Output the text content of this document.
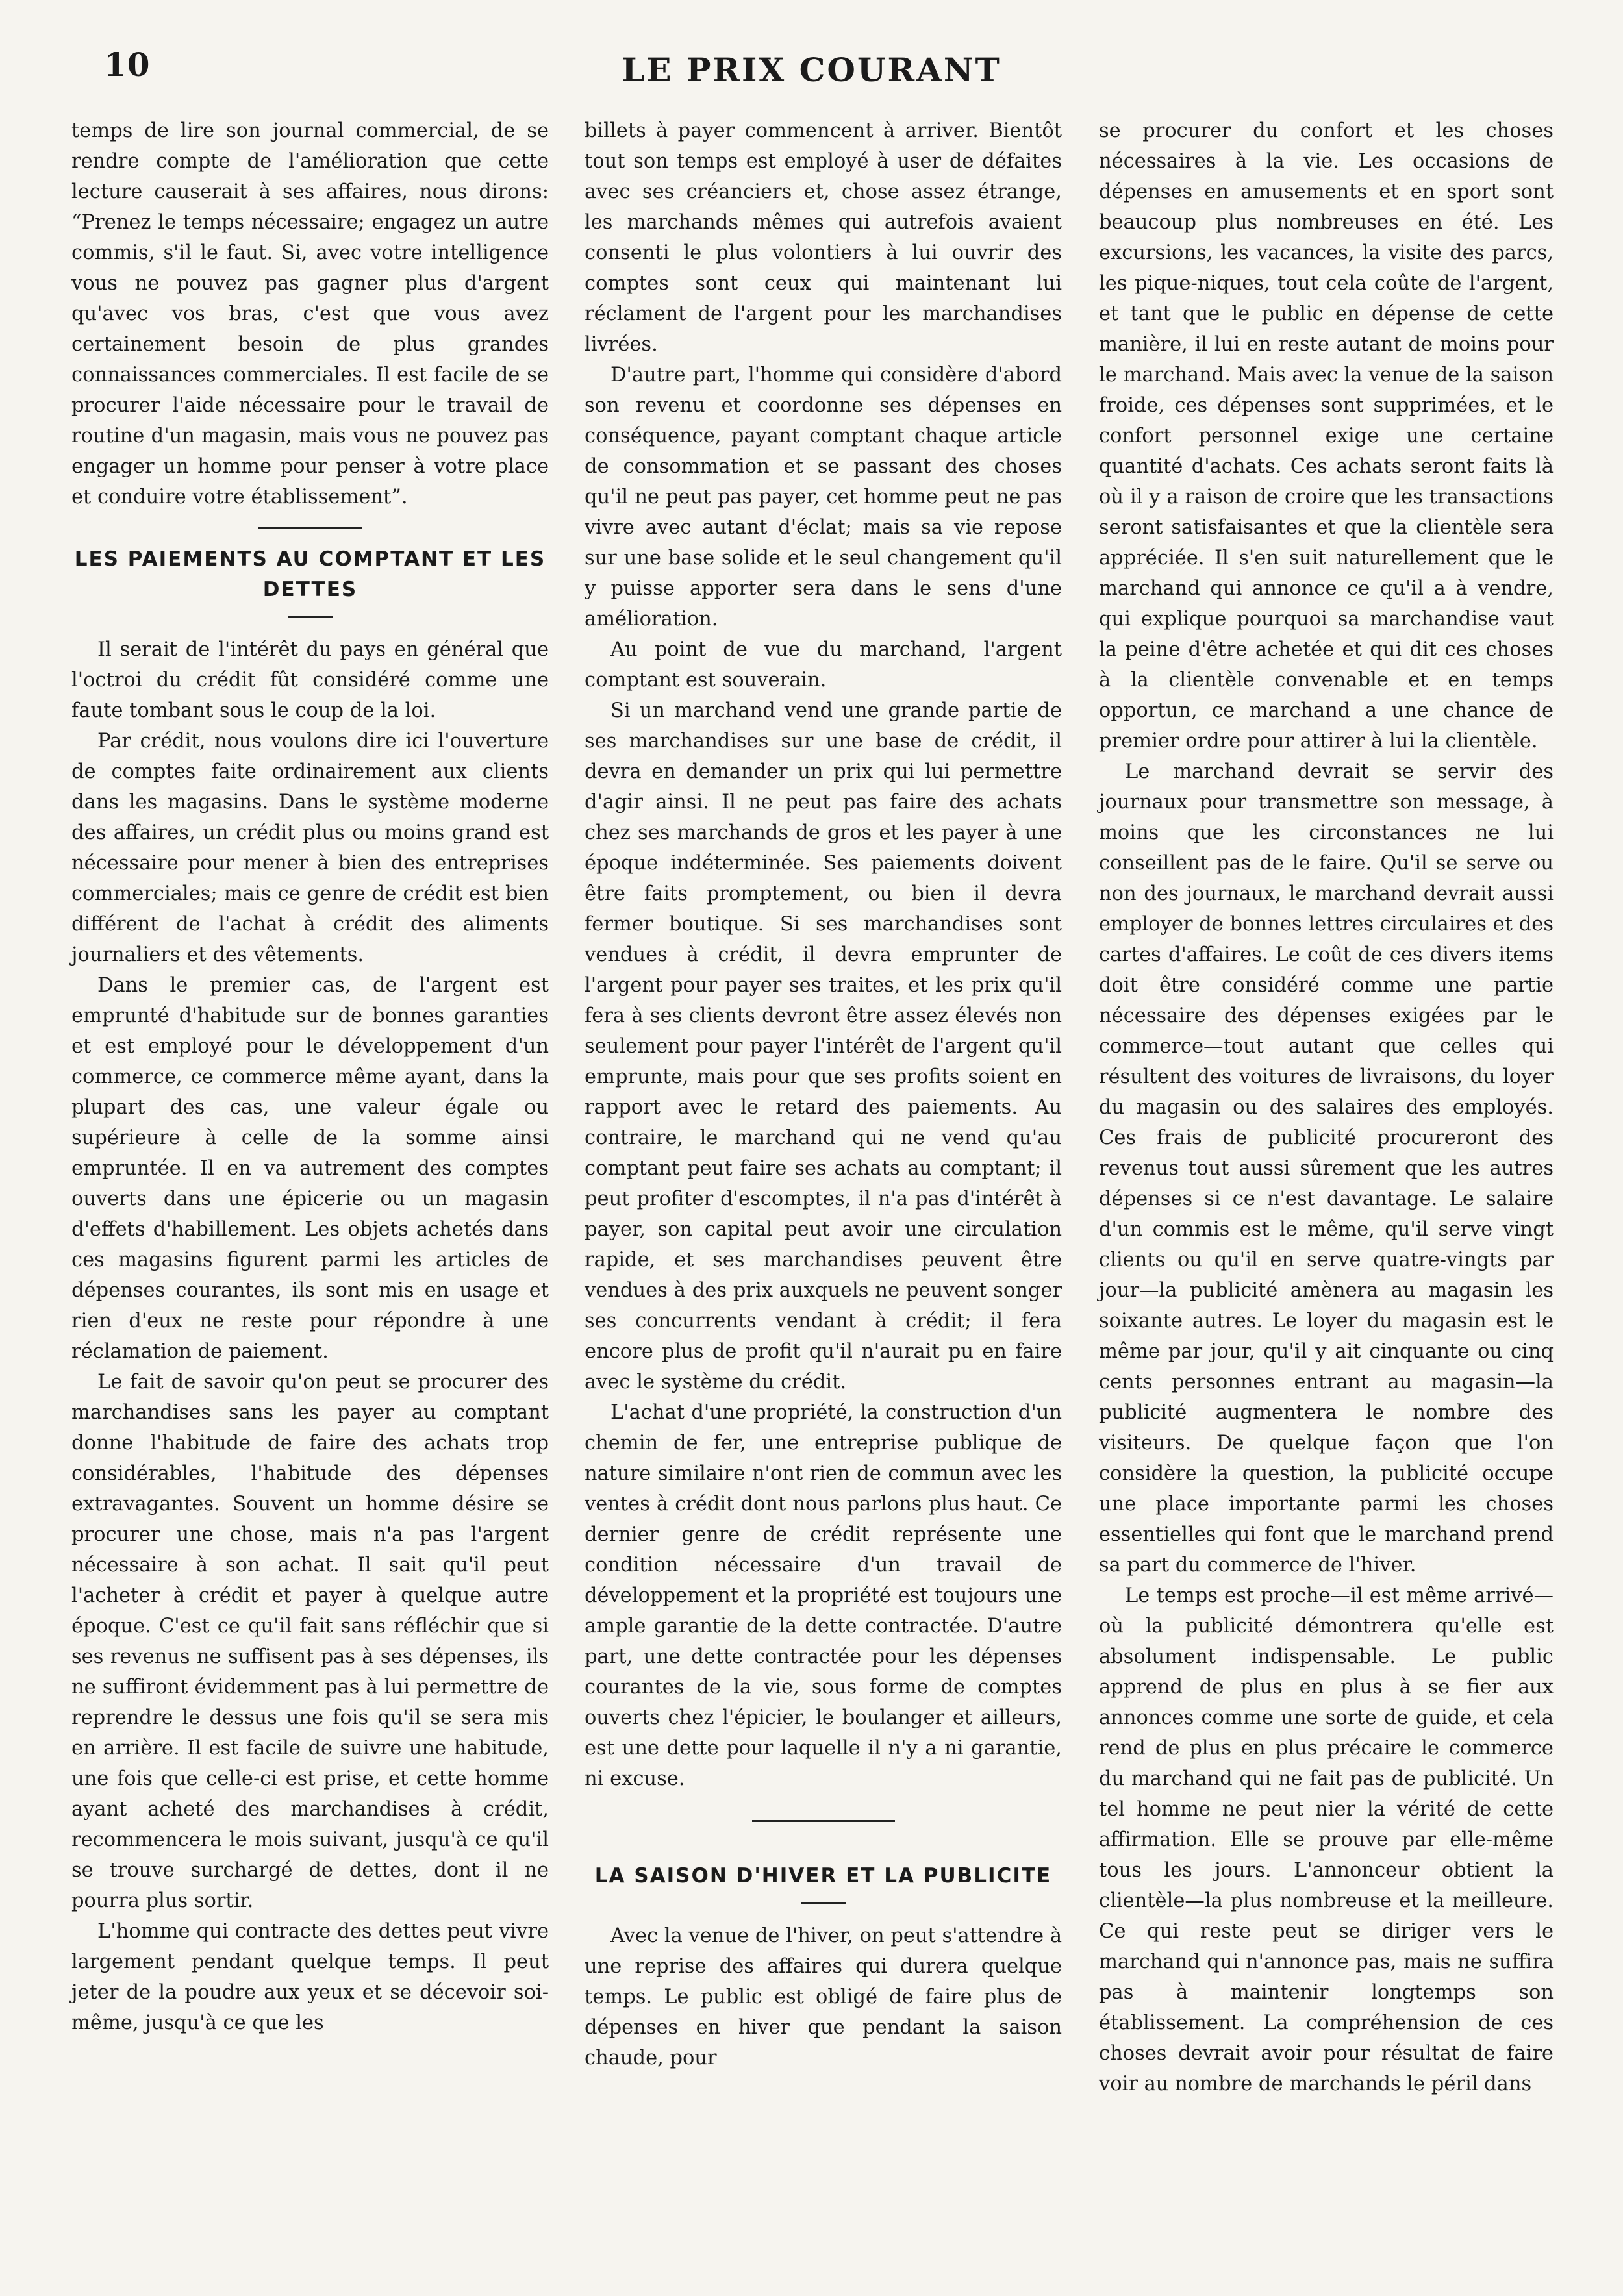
10	LE PRIX COURANT

temps de lire son journal commercial, de se rendre compte de l'amélioration que cette lecture causerait à ses affaires, nous dirons: “Prenez le temps nécessaire; engagez un autre commis, s'il le faut. Si, avec votre intelligence vous ne pouvez pas gagner plus d'argent qu'avec vos bras, c'est que vous avez certainement besoin de plus grandes connaissances commerciales. Il est facile de se procurer l'aide nécessaire pour le travail de routine d'un magasin, mais vous ne pouvez pas engager un homme pour penser à votre place et conduire votre établissement”.

LES PAIEMENTS AU COMPTANT ET LES DETTES

Il serait de l'intérêt du pays en général que l'octroi du crédit fût considéré comme une faute tombant sous le coup de la loi.

Par crédit, nous voulons dire ici l'ouverture de comptes faite ordinairement aux clients dans les magasins. Dans le système moderne des affaires, un crédit plus ou moins grand est nécessaire pour mener à bien des entreprises commerciales; mais ce genre de crédit est bien différent de l'achat à crédit des aliments journaliers et des vêtements.

Dans le premier cas, de l'argent est emprunté d'habitude sur de bonnes garanties et est employé pour le développement d'un commerce, ce commerce même ayant, dans la plupart des cas, une valeur égale ou supérieure à celle de la somme ainsi empruntée. Il en va autrement des comptes ouverts dans une épicerie ou un magasin d'effets d'habillement. Les objets achetés dans ces magasins figurent parmi les articles de dépenses courantes, ils sont mis en usage et rien d'eux ne reste pour répondre à une réclamation de paiement.

Le fait de savoir qu'on peut se procurer des marchandises sans les payer au comptant donne l'habitude de faire des achats trop considérables, l'habitude des dépenses extravagantes. Souvent un homme désire se procurer une chose, mais n'a pas l'argent nécessaire à son achat. Il sait qu'il peut l'acheter à crédit et payer à quelque autre époque. C'est ce qu'il fait sans réfléchir que si ses revenus ne suffisent pas à ses dépenses, ils ne suffiront évidemment pas à lui permettre de reprendre le dessus une fois qu'il se sera mis en arrière. Il est facile de suivre une habitude, une fois que celle-ci est prise, et cette homme ayant acheté des marchandises à crédit, recommencera le mois suivant, jusqu'à ce qu'il se trouve surchargé de dettes, dont il ne pourra plus sortir.

L'homme qui contracte des dettes peut vivre largement pendant quelque temps. Il peut jeter de la poudre aux yeux et se décevoir soi-même, jusqu'à ce que les

billets à payer commencent à arriver. Bientôt tout son temps est employé à user de défaites avec ses créanciers et, chose assez étrange, les marchands mêmes qui autrefois avaient consenti le plus volontiers à lui ouvrir des comptes sont ceux qui maintenant lui réclament de l'argent pour les marchandises livrées.

D'autre part, l'homme qui considère d'abord son revenu et coordonne ses dépenses en conséquence, payant comptant chaque article de consommation et se passant des choses qu'il ne peut pas payer, cet homme peut ne pas vivre avec autant d'éclat; mais sa vie repose sur une base solide et le seul changement qu'il y puisse apporter sera dans le sens d'une amélioration.

Au point de vue du marchand, l'argent comptant est souverain.

Si un marchand vend une grande partie de ses marchandises sur une base de crédit, il devra en demander un prix qui lui permettre d'agir ainsi. Il ne peut pas faire des achats chez ses marchands de gros et les payer à une époque indéterminée. Ses paiements doivent être faits promptement, ou bien il devra fermer boutique. Si ses marchandises sont vendues à crédit, il devra emprunter de l'argent pour payer ses traites, et les prix qu'il fera à ses clients devront être assez élevés non seulement pour payer l'intérêt de l'argent qu'il emprunte, mais pour que ses profits soient en rapport avec le retard des paiements. Au contraire, le marchand qui ne vend qu'au comptant peut faire ses achats au comptant; il peut profiter d'escomptes, il n'a pas d'intérêt à payer, son capital peut avoir une circulation rapide, et ses marchandises peuvent être vendues à des prix auxquels ne peuvent songer ses concurrents vendant à crédit; il fera encore plus de profit qu'il n'aurait pu en faire avec le système du crédit.

L'achat d'une propriété, la construction d'un chemin de fer, une entreprise publique de nature similaire n'ont rien de commun avec les ventes à crédit dont nous parlons plus haut. Ce dernier genre de crédit représente une condition nécessaire d'un travail de développement et la propriété est toujours une ample garantie de la dette contractée. D'autre part, une dette contractée pour les dépenses courantes de la vie, sous forme de comptes ouverts chez l'épicier, le boulanger et ailleurs, est une dette pour laquelle il n'y a ni garantie, ni excuse.

LA SAISON D'HIVER ET LA PUBLICITE

Avec la venue de l'hiver, on peut s'attendre à une reprise des affaires qui durera quelque temps. Le public est obligé de faire plus de dépenses en hiver que pendant la saison chaude, pour

se procurer du confort et les choses nécessaires à la vie. Les occasions de dépenses en amusements et en sport sont beaucoup plus nombreuses en été. Les excursions, les vacances, la visite des parcs, les pique-niques, tout cela coûte de l'argent, et tant que le public en dépense de cette manière, il lui en reste autant de moins pour le marchand. Mais avec la venue de la saison froide, ces dépenses sont supprimées, et le confort personnel exige une certaine quantité d'achats. Ces achats seront faits là où il y a raison de croire que les transactions seront satisfaisantes et que la clientèle sera appréciée. Il s'en suit naturellement que le marchand qui annonce ce qu'il a à vendre, qui explique pourquoi sa marchandise vaut la peine d'être achetée et qui dit ces choses à la clientèle convenable et en temps opportun, ce marchand a une chance de premier ordre pour attirer à lui la clientèle.

Le marchand devrait se servir des journaux pour transmettre son message, à moins que les circonstances ne lui conseillent pas de le faire. Qu'il se serve ou non des journaux, le marchand devrait aussi employer de bonnes lettres circulaires et des cartes d'affaires. Le coût de ces divers items doit être considéré comme une partie nécessaire des dépenses exigées par le commerce—tout autant que celles qui résultent des voitures de livraisons, du loyer du magasin ou des salaires des employés. Ces frais de publicité procureront des revenus tout aussi sûrement que les autres dépenses si ce n'est davantage. Le salaire d'un commis est le même, qu'il serve vingt clients ou qu'il en serve quatre-vingts par jour—la publicité amènera au magasin les soixante autres. Le loyer du magasin est le même par jour, qu'il y ait cinquante ou cinq cents personnes entrant au magasin—la publicité augmentera le nombre des visiteurs. De quelque façon que l'on considère la question, la publicité occupe une place importante parmi les choses essentielles qui font que le marchand prend sa part du commerce de l'hiver.

Le temps est proche—il est même arrivé—où la publicité démontrera qu'elle est absolument indispensable. Le public apprend de plus en plus à se fier aux annonces comme une sorte de guide, et cela rend de plus en plus précaire le commerce du marchand qui ne fait pas de publicité. Un tel homme ne peut nier la vérité de cette affirmation. Elle se prouve par elle-même tous les jours. L'annonceur obtient la clientèle—la plus nombreuse et la meilleure. Ce qui reste peut se diriger vers le marchand qui n'annonce pas, mais ne suffira pas à maintenir longtemps son établissement. La compréhension de ces choses devrait avoir pour résultat de faire voir au nombre de marchands le péril dans
